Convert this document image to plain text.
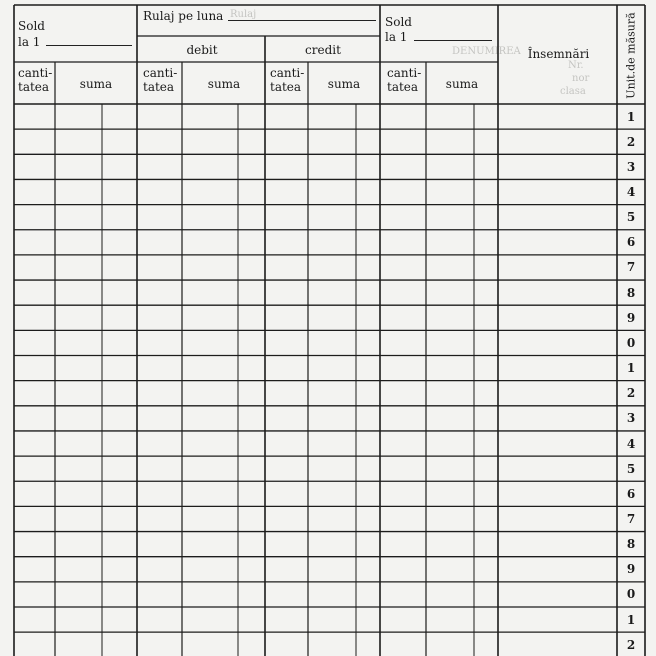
Nr.
nor
clasa
DENUMIREA
Rulaj
Sold
la 1
Rulaj pe luna
debit	credit
Sold
la 1
Însemnări	Unit.de măsură
canti-
tatea	suma
canti-
tatea	suma
canti-
tatea	suma
canti-
tatea	suma
1
2
3
4
5
6
7
8
9
0
1
2
3
4
5
6
7
8
9
0
1
2
